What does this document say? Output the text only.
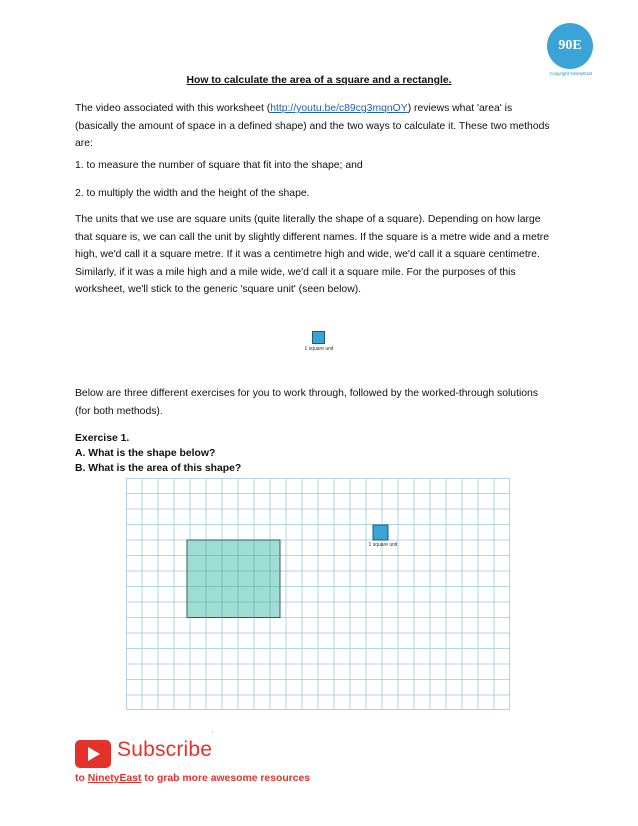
90E
Copyright NinetyEast
How to calculate the area of a square and a rectangle.

The video associated with this worksheet (http://youtu.be/c89cg3mqnOY) reviews what 'area' is (basically the amount of space in a defined shape) and the two ways to calculate it. These two methods are:

1. to measure the number of square that fit into the shape; and

2. to multiply the width and the height of the shape.

The units that we use are square units (quite literally the shape of a square). Depending on how large that square is, we can call the unit by slightly different names. If the square is a metre wide and a metre high, we'd call it a square metre. If it was a centimetre high and wide, we'd call it a square centimetre. Similarly, if it was a mile high and a mile wide, we'd call it a square mile. For the purposes of this worksheet, we'll stick to the generic 'square unit' (seen below).

1 square unit

Below are three different exercises for you to work through, followed by the worked-through solutions (for both methods).

Exercise 1.

A. What is the shape below?

B. What is the area of this shape?

1 square unit
Subscribe
to NinetyEast to grab more awesome resources
